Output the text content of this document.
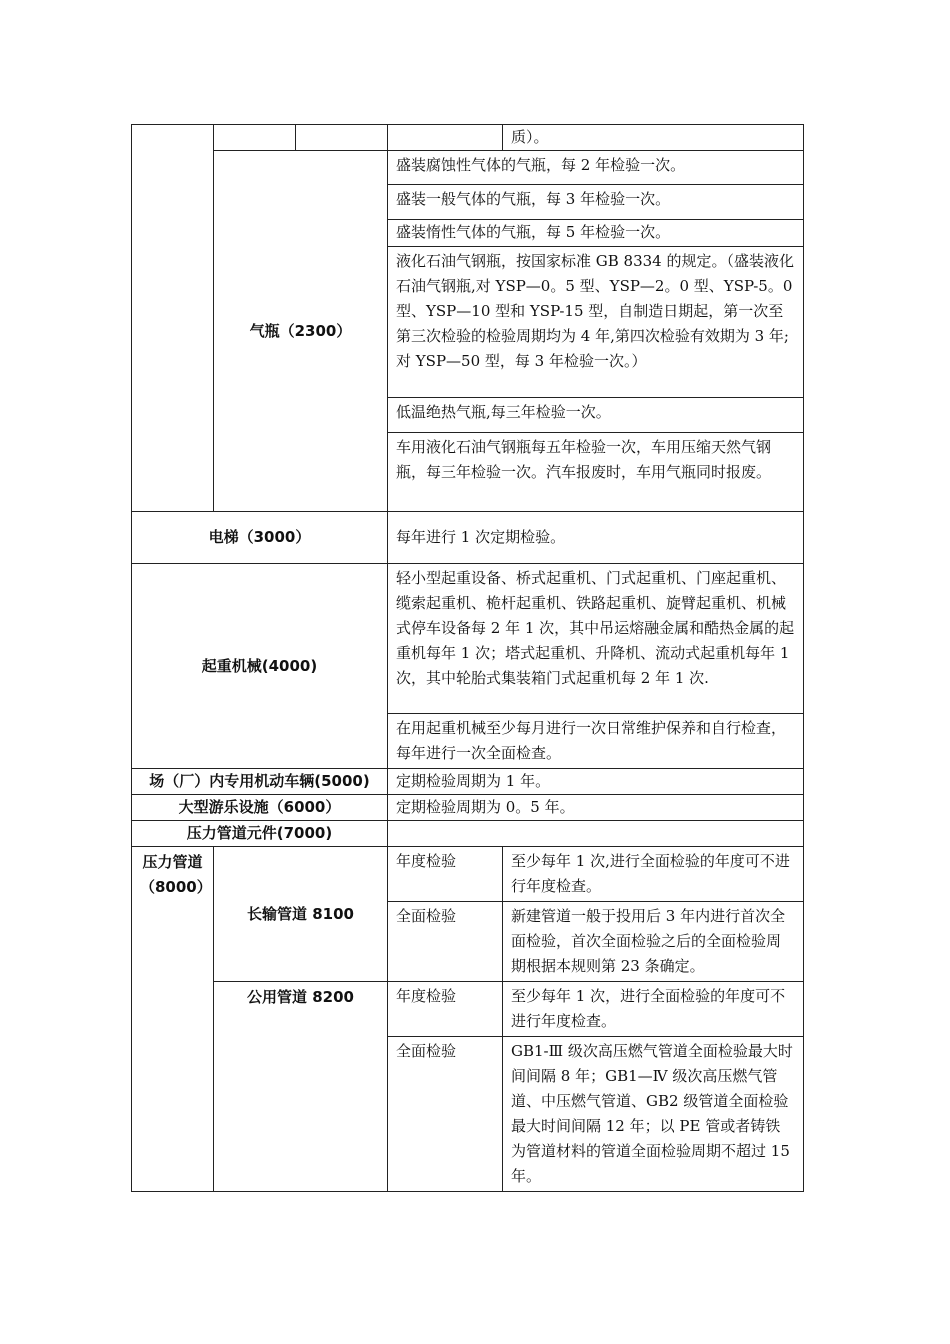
				质）。
	气瓶（2300）		盛装腐蚀性气体的气瓶，每 2 年检验一次。	
			盛装一般气体的气瓶，每 3 年检验一次。	
			盛装惰性气体的气瓶，每 5 年检验一次。	
			液化石油气钢瓶，按国家标准 GB 8334 的规定。（盛装液化石油气钢瓶,对 YSP—0。5 型、YSP—2。0 型、YSP-5。0 型、YSP—10 型和 YSP-15 型，自制造日期起，第一次至第三次检验的检验周期均为 4 年,第四次检验有效期为 3 年;对 YSP—50 型，每 3 年检验一次。）	
			低温绝热气瓶,每三年检验一次。	
			车用液化石油气钢瓶每五年检验一次，车用压缩天然气钢瓶，每三年检验一次。汽车报废时，车用气瓶同时报废。	
电梯（3000）			每年进行 1 次定期检验。	
起重机械(4000)			轻小型起重设备、桥式起重机、门式起重机、门座起重机、缆索起重机、桅杆起重机、铁路起重机、旋臂起重机、机械式停车设备每 2 年 1 次，其中吊运熔融金属和酷热金属的起重机每年 1 次；塔式起重机、升降机、流动式起重机每年 1 次，其中轮胎式集装箱门式起重机每 2 年 1 次.	
			在用起重机械至少每月进行一次日常维护保养和自行检查，每年进行一次全面检查。	
场（厂）内专用机动车辆(5000)			定期检验周期为 1 年。	
大型游乐设施（6000）			定期检验周期为 0。5 年。	
压力管道元件(7000)				
压力管道（8000）	长输管道 8100		年度检验	至少每年 1 次,进行全面检验的年度可不进行年度检查。
			全面检验	新建管道一般于投用后 3 年内进行首次全面检验，首次全面检验之后的全面检验周期根据本规则第 23 条确定。
	公用管道 8200		年度检验	至少每年 1 次，进行全面检验的年度可不进行年度检查。
			全面检验	GB1-Ⅲ 级次高压燃气管道全面检验最大时间间隔 8 年；GB1—Ⅳ 级次高压燃气管道、中压燃气管道、GB2 级管道全面检验最大时间间隔 12 年；以 PE 管或者铸铁为管道材料的管道全面检验周期不超过 15 年。
